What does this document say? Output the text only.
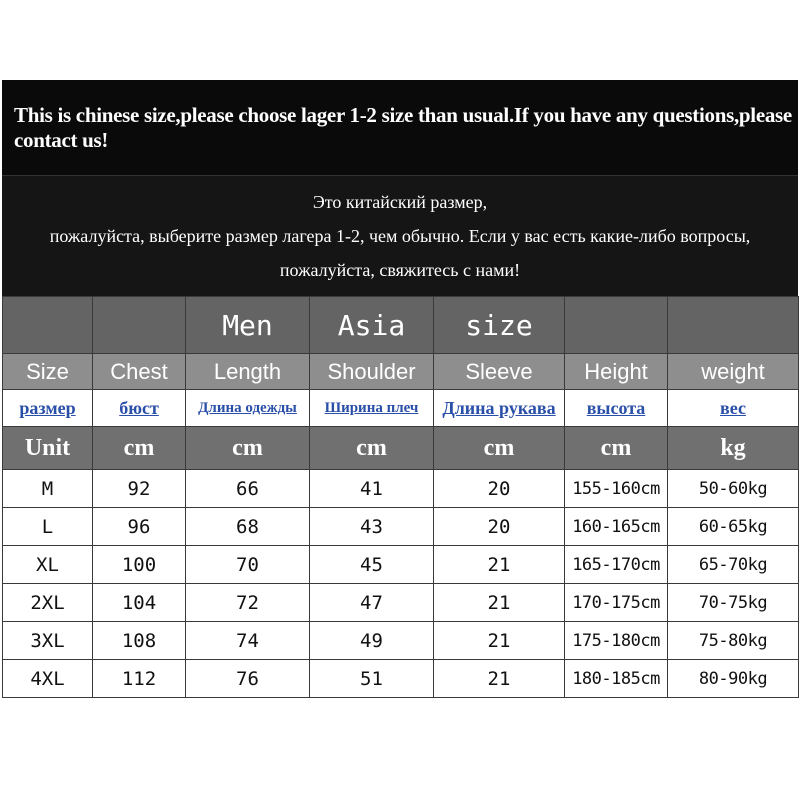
This is chinese size,please choose lager 1-2 size than usual.If you have any questions,please contact us!
Это китайский размер,
пожалуйста, выберите размер лагера 1-2, чем обычно. Если у вас есть какие-либо вопросы,
пожалуйста, свяжитесь с нами!
		Men	Asia	size		
Size	Chest	Length	Shoulder	Sleeve	Height	weight
размер	бюст	Длина одежды	Ширина плеч	Длина рукава	высота	вес
Unit	cm	cm	cm	cm	cm	kg
M	92	66	41	20	155-160cm	50-60kg
L	96	68	43	20	160-165cm	60-65kg
XL	100	70	45	21	165-170cm	65-70kg
2XL	104	72	47	21	170-175cm	70-75kg
3XL	108	74	49	21	175-180cm	75-80kg
4XL	112	76	51	21	180-185cm	80-90kg
